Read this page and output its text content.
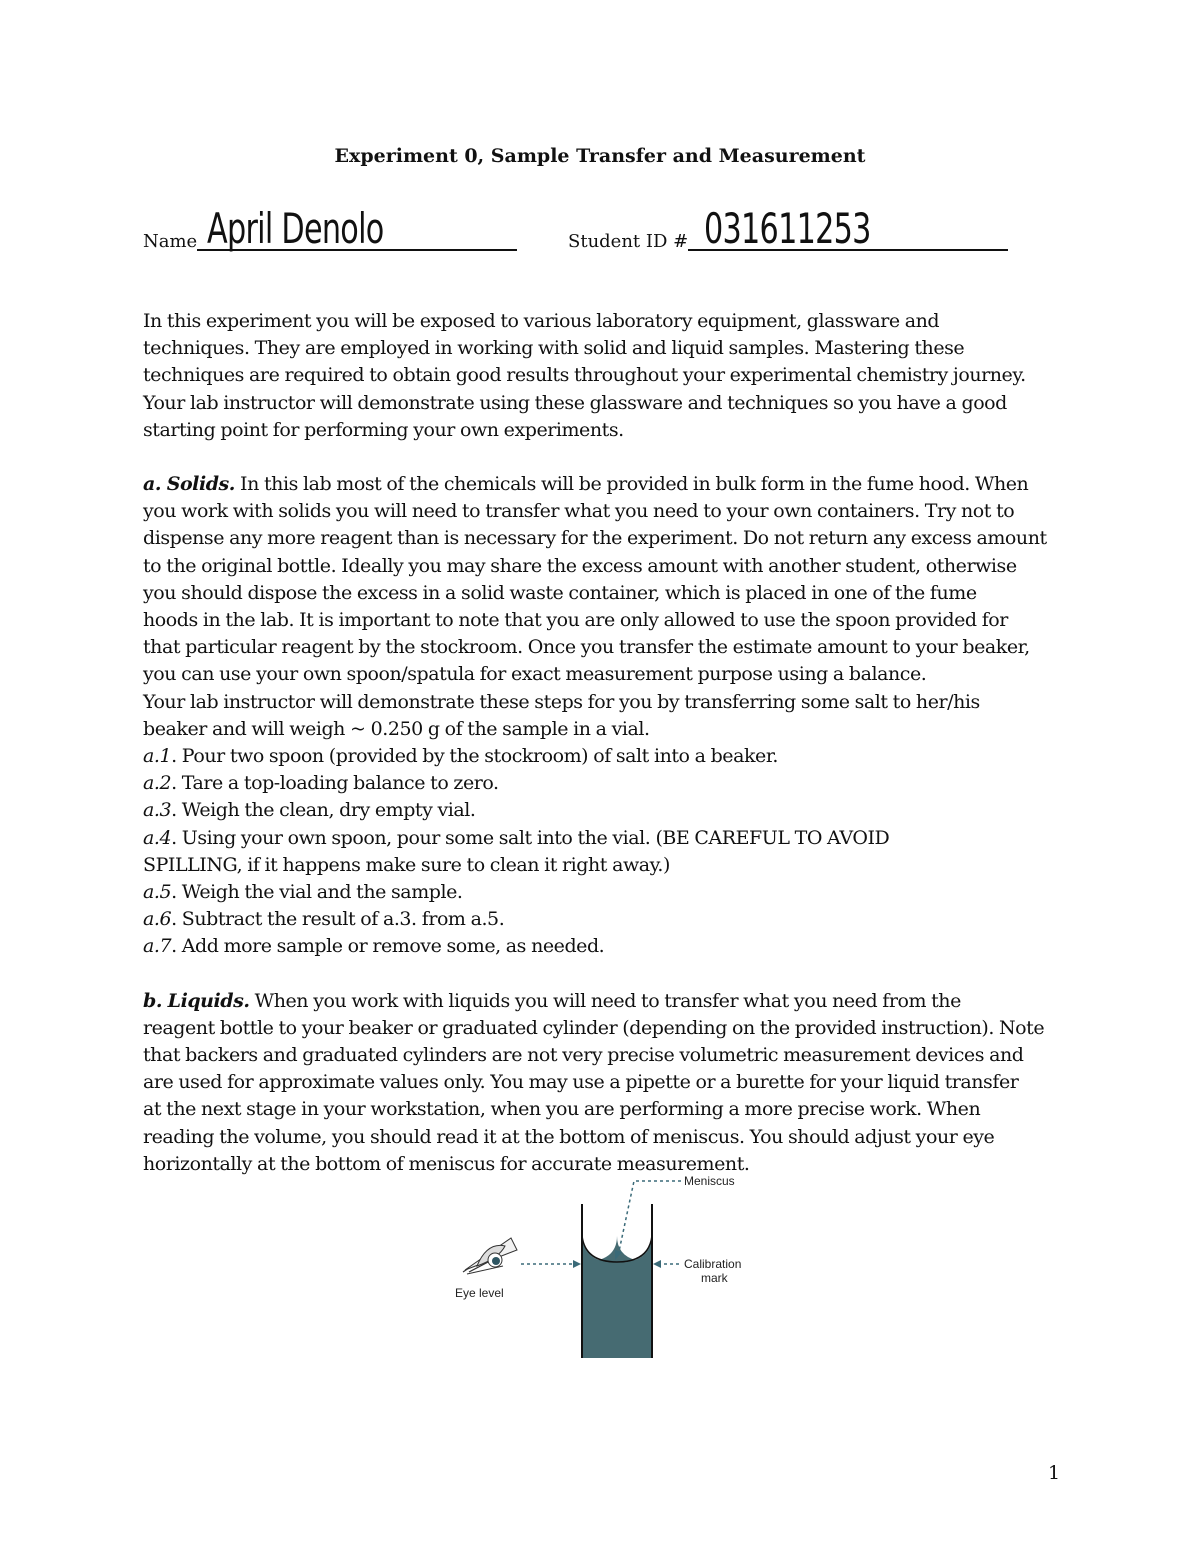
Experiment 0, Sample Transfer and Measurement
Name April Denolo	Student ID # 031611253

In this experiment you will be exposed to various laboratory equipment, glassware and

techniques. They are employed in working with solid and liquid samples. Mastering these

techniques are required to obtain good results throughout your experimental chemistry journey.

Your lab instructor will demonstrate using these glassware and techniques so you have a good

starting point for performing your own experiments.

a. Solids. In this lab most of the chemicals will be provided in bulk form in the fume hood. When

you work with solids you will need to transfer what you need to your own containers. Try not to

dispense any more reagent than is necessary for the experiment. Do not return any excess amount

to the original bottle. Ideally you may share the excess amount with another student, otherwise

you should dispose the excess in a solid waste container, which is placed in one of the fume

hoods in the lab. It is important to note that you are only allowed to use the spoon provided for

that particular reagent by the stockroom. Once you transfer the estimate amount to your beaker,

you can use your own spoon/spatula for exact measurement purpose using a balance.

Your lab instructor will demonstrate these steps for you by transferring some salt to her/his

beaker and will weigh ~ 0.250 g of the sample in a vial.

a.1. Pour two spoon (provided by the stockroom) of salt into a beaker.

a.2. Tare a top-loading balance to zero.

a.3. Weigh the clean, dry empty vial.

a.4. Using your own spoon, pour some salt into the vial. (BE CAREFUL TO AVOID

SPILLING, if it happens make sure to clean it right away.)

a.5. Weigh the vial and the sample.

a.6. Subtract the result of a.3. from a.5.

a.7. Add more sample or remove some, as needed.

b. Liquids. When you work with liquids you will need to transfer what you need from the

reagent bottle to your beaker or graduated cylinder (depending on the provided instruction). Note

that backers and graduated cylinders are not very precise volumetric measurement devices and

are used for approximate values only. You may use a pipette or a burette for your liquid transfer

at the next stage in your workstation, when you are performing a more precise work. When

reading the volume, you should read it at the bottom of meniscus. You should adjust your eye

horizontally at the bottom of meniscus for accurate measurement.

Meniscus
Calibration
mark
Eye level
1
